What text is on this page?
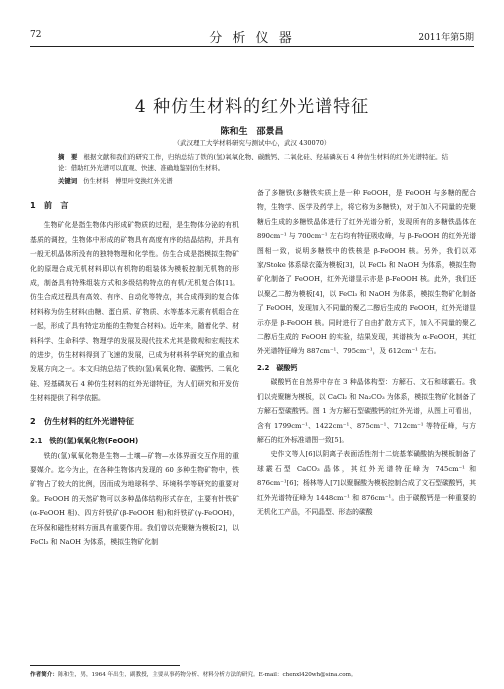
72	分 析 仪 器	2011年第5期
4 种仿生材料的红外光谱特征
陈和生　邵景昌
（武汉理工大学材料研究与测试中心，武汉 430070）
摘　要 根据文献和我们的研究工作，归纳总结了铁的(氢)氧氧化物、碳酸钙、二氧化硅、羟基磷灰石 4 种仿生材料的红外光谱特征。结论：借助红外光谱可以直观、快速、准确地鉴别仿生材料。
关键词 仿生材料　傅里叶变换红外光谱
1　前　言

生物矿化是指生物体内形成矿物质的过程，是生物体分泌的有机基质的调控，生物体中形成的矿物具有高度有序的结晶结构，并具有一般无机晶体所没有的独特物理和化学性。仿生合成是指模拟生物矿化的原理合成无机材料即以有机物的组装体为模板控制无机物的形成，制备具有特殊组装方式和多级结构特点的有机/无机复合体[1]。仿生合成过程具有高效、有序、自动化等特点，其合成得到的复合体材料称为仿生材料(由糖、蛋白质、矿物质、水等基本元素有机组合在一起，形成了具有特定功能的生物复合材料)。近年来，随着化学、材料科学、生命科学、物理学的发展及现代技术尤其是微观和宏观技术的进步，仿生材料得到了飞速的发展，已成为材料科学研究的重点和发展方向之一。本文归纳总结了铁的(氢)氧氧化物、碳酸钙、二氧化硅、羟基磷灰石 4 种仿生材料的红外光谱特征，为人们研究和开发仿生材料提供了科学依据。

2　仿生材料的红外光谱特征
2.1　铁的(氢)氧氧化物(FeOOH)

铁的(氢)氧氧化物是生物—土壤—矿物—水体界面交互作用的重要媒介。迄今为止，在各种生物体内发现的 60 多种生物矿物中，铁矿物占了较大的比例，因而成为地球科学、环境科学等研究的重要对象。FeOOH 的天然矿物可以多种晶体结构形式存在，主要有针铁矿(α-FeOOH 相)、四方纤铁矿(β-FeOOH 相)和纤铁矿(γ-FeOOH)，在环保和磁性材料方面具有重要作用。我们曾以壳聚糖为模板[2]，以 FeCl₃ 和 NaOH 为体系，模拟生物矿化制

备了多糖铁(多糖铁实质上是一种 FeOOH，是 FeOOH 与多糖的配合物，生物学、医学及药学上，将它称为多糖铁)，对于加入不同量的壳聚糖后生成的多糖铁晶体进行了红外光谱分析，发现所有的多糖铁晶体在 890cm⁻¹ 与 700cm⁻¹ 左右均有特征吸收峰，与 β-FeOOH 的红外光谱图相一致，说明多糖铁中的铁核是 β-FeOOH 核。另外，我们以邓家/Stoke 体系绿衣藻为模板[3]，以 FeCl₃ 和 NaOH 为体系，模拟生物矿化制备了 FeOOH，红外光谱显示亦是 β-FeOOH 核。此外，我们还以聚乙二醇为模板[4]，以 FeCl₃ 和 NaOH 为体系，模拟生物矿化制备了 FeOOH，发现加入不同量的聚乙二醇后生成的 FeOOH，红外光谱显示亦是 β-FeOOH 核。同时进行了自由扩散方式下，加入不同量的聚乙二醇后生成的 FeOOH 的实验，结果发现，其谱核为 α-FeOOH，其红外光谱特征峰为 887cm⁻¹、795cm⁻¹，及 612cm⁻¹ 左右。

2.2　碳酸钙

碳酸钙在自然界中存在 3 种晶体构型：方解石、文石和球霰石。我们以壳聚糖为模板，以 CaCl₂ 和 Na₂CO₃ 为体系，模拟生物矿化制备了方解石型碳酸钙。图 1 为方解石型碳酸钙的红外光谱，从图上可看出，含有 1799cm⁻¹、1422cm⁻¹、875cm⁻¹、712cm⁻¹ 等特征峰，与方解石的红外标准谱图一致[5]。

史作文等人[6]以阴离子表面活性剂十二烷基苯磺酸钠为模板制备了球霰石型 CaCO₃ 晶体，其红外光谱特征峰为 745cm⁻¹ 和 876cm⁻¹[6]；杨林等人[7]以聚脲酸为模板控制合成了文石型碳酸钙，其红外光谱特征峰为 1448cm⁻¹ 和 876cm⁻¹。由于碳酸钙是一种重要的无机化工产品，不同晶型、形态的碳酸

作者简介：陈和生，男，1964 年出生，副教授，主要从事药物分析、材料分析方法的研究。E-mail：chenxl420wh@sina.com。
